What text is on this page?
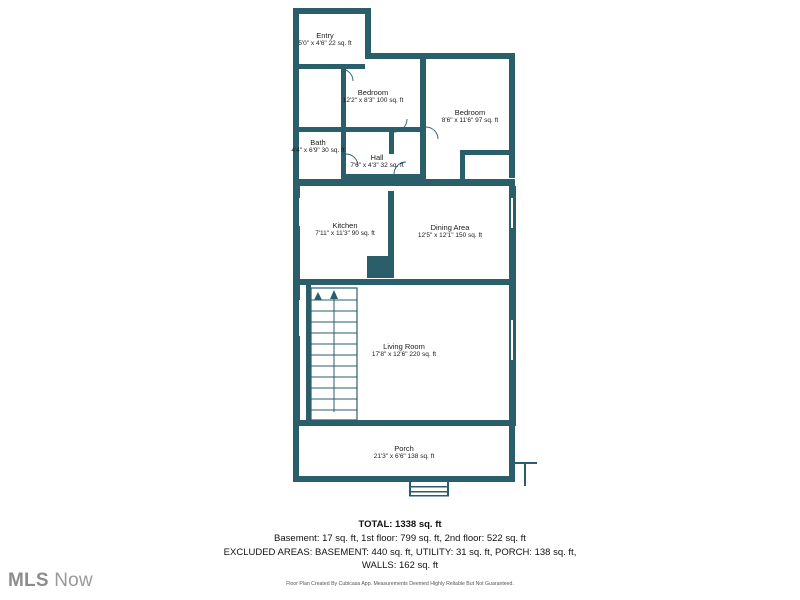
Entry
5'0" x 4'6" 22 sq. ft
Bedroom
12'2" x 8'3" 100 sq. ft
Bedroom
8'6" x 11'6" 97 sq. ft
Bath
4'4" x 6'9" 30 sq. ft
Hall
7'6" x 4'3" 32 sq. ft
Kitchen
7'11" x 11'3" 90 sq. ft
Dining Area
12'5" x 12'1" 150 sq. ft
Living Room
17'8" x 12'6" 220 sq. ft
Porch
21'3" x 6'6" 138 sq. ft
TOTAL: 1338 sq. ft
Basement: 17 sq. ft, 1st floor: 799 sq. ft, 2nd floor: 522 sq. ft
EXCLUDED AREAS: BASEMENT: 440 sq. ft, UTILITY: 31 sq. ft, PORCH: 138 sq. ft,
WALLS: 162 sq. ft
Floor Plan Created By Cubicasa App. Measurements Deemed Highly Reliable But Not Guaranteed.
MLS Now
